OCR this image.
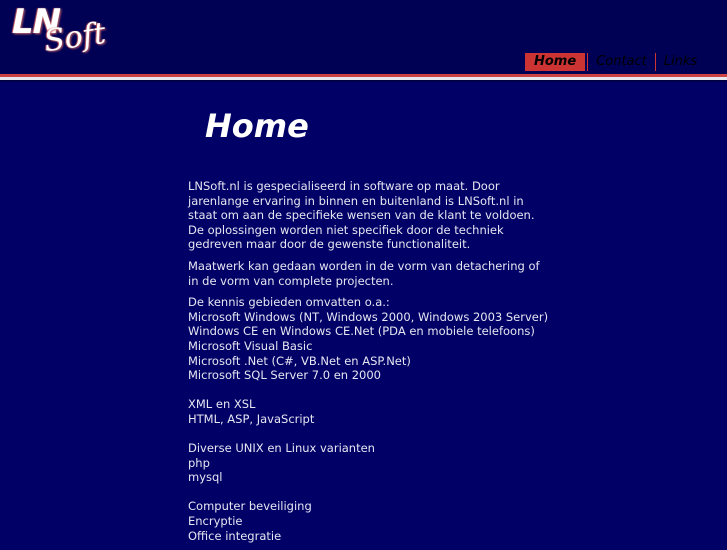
LN
Soft
Home	Contact	Links
Home

LNSoft.nl is gespecialiseerd in software op maat. Door
jarenlange ervaring in binnen en buitenland is LNSoft.nl in
staat om aan de specifieke wensen van de klant te voldoen.
De oplossingen worden niet specifiek door de techniek
gedreven maar door de gewenste functionaliteit.

Maatwerk kan gedaan worden in de vorm van detachering of
in de vorm van complete projecten.

De kennis gebieden omvatten o.a.:
Microsoft Windows (NT, Windows 2000, Windows 2003 Server)
Windows CE en Windows CE.Net (PDA en mobiele telefoons)
Microsoft Visual Basic
Microsoft .Net (C#, VB.Net en ASP.Net)
Microsoft SQL Server 7.0 en 2000
XML en XSL
HTML, ASP, JavaScript
Diverse UNIX en Linux varianten
php
mysql
Computer beveiliging
Encryptie
Office integratie
